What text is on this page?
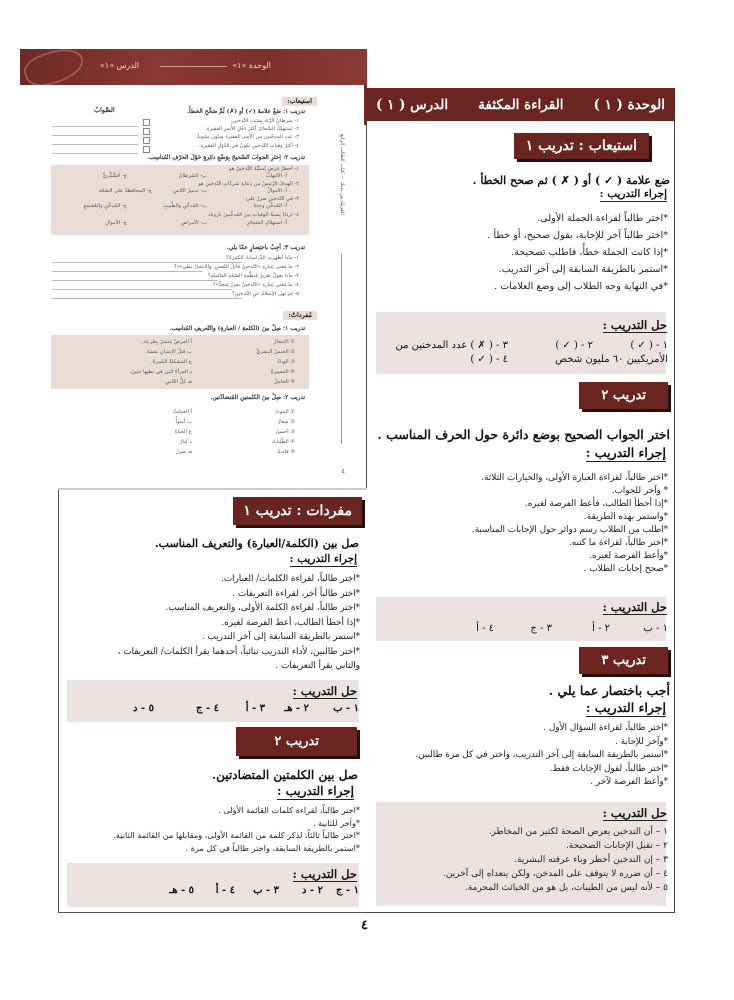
الوحدة «١»
الدرس «١»
استيعاب:
الصَّوابُ	تدريب ١: ضَعْ علامةَ (✓) أو (✗) ثُمَّ صَحِّحِ الخطأَ.
١- سرطانُ الرِّئة بِسَبَبِ التَّدخين.
٢- تَستهلِكُ السَّجائرُ أكثرَ دَخْلِ الأُسرِ الفقيرة.
٣- عدد المدخّنين من الأُسر الفقيرة سِتّون مليوناً.
٤- أكثرُ وفياتِ التّدخينِ تكونُ في الدّوَلِ الفقيرة.
تدريب ٢: اِختَرِ الجوابَ الصّحيحَ بِوَضْعِ دائِرةٍ حَوْلَ الحرْفِ المُناسِب.
١- أخطرُ مَرضٍ يُسبِّبُهُ التَّدخينُ هو
أ- الالتهابُ
ب- السّرطانُ
ج- السُّكَّريُّ
٢- الهدفُ الرّئيسُ من دِعايةِ شركاتِ التّدخينِ هو
أ- الأموالُ
ب- تدميرُ النّاسِ
ج- المحافظةُ على الصّحّة
٣- في التّدخينِ ضررٌ على
أ- المُدخِّنِ وحدَهُ
ب- المُدخِّنِ والطّبيبِ
ج- المُدخِّنِ والمُجتمعِ
٤- تَزدادُ نِسبةُ الوفياتِ بينَ المُدخِّنينَ بازدِياد
أ- استهلاكِ السّجائرِ
ب- الأمراضِ
ج- الأموالِ
تدريب ٣: أجِبْ باختِصارٍ عمّا يلي.
١- ماذا أظهرتِ الدِّراساتُ الكثيرةُ؟
٢- ما مَعنى عِبارةِ «التّدخينُ قاتلٌ للنّفسِ، والانتحارُ بطيء»؟
٣- ماذا يقولُ تقريرُ مُنظَّمةِ الصّحّةِ العالميّةِ؟
٤- ما مَعنى عِبارةِ «التّدخينُ ضررٌ مُتعدٍّ»؟
٥- لِمَ نَهى الإسلامُ عنِ التّدخينِ؟
مُفرداتٌ:
تدريب ١: صِلْ بينَ (الكلمةِ / العبارةِ) والتّعريفِ المُناسِب.
① الانتحارُ
② الجنسُ البشريُّ
③ الوباءُ
④ المَسيرةُ
⑤ الحاملُ
أ المرضُ يَنتشرُ بِسُرعة.
ب قتلُ الإنسانِ نفسَهُ.
ج المشكلةُ الكبيرةُ.
د المرأةُ التي في بطنِها جنينٌ.
هـ كلُّ النّاسِ.
تدريب ٢: صِلْ بينَ الكلمتينِ المُتضادّتين.
① الموتُ
② صِغارٌ
③ أحسنُ
④ الطّيّباتُ
⑤ فائدةٌ
أ الخبائثُ
ب أسوأُ
ج الحياةُ
د كِبارٌ
هـ ضررٌ
العربيّة بين يديك — كتاب الطالب الرابع
٤
الوحدة ( ١ )
القراءة المكثفة
الدرس ( ١ )
استيعاب : تدريب ١
ضع علامة ( ✓ ) أو ( ✗ ) ثم صحح الخطأ .
إجراء التدريب :
*اختر طالباً لقراءة الجملة الأولى.
*اختر طالباً آخر للإجابة، بقول صحيح، أو خطأ .
*إذا كانت الجملة خطأً، فاطلب تصحيحة.
*استمر بالطريقة السابقة إلى آخر التدريب.
*في النهاية وجه الطلاب إلى وضع العلامات .
حل التدريب :
١ - ( ✓ )
٢ - ( ✓ )
٣ - ( ✗ ) عدد المدخنين من
الأمريكيين ٦٠ مليون شخص
٤ - ( ✓ )
تدريب ٢
اختر الجواب الصحيح بوضع دائرة حول الحرف المناسب .
إجراء التدريب :
*اختر طالباً، لقراءة العبارة الأولى، والخيارات الثلاثة.
* وآخر للجواب.
*إذا أخطأ الطالب، فأعط الفرصة لغيره.
*واستمر بهذه الطريقة.
*اطلب من الطلاب رسم دوائر حول الإجابات المناسبة.
*اختر طالباً، لقراءة ما كتبه.
*وأعط الفرصة لغيره.
*صحح إجابات الطلاب .
حل التدريب :
١ - ب
٢ - أ
٣ - ج
٤ - أ
تدريب ٣
أجب باختصار عما يلي .
إجراء التدريب :
*اختر طالباً، لقراءة السؤال الأول .
*وآخر للإجابة .
*استمر بالطريقة السابقة إلى آخر التدريب، واختر في كل مرة طالبين.
*اختر طالباً، لقول الإجابات فقط.
*وأعط الفرصة لآخر .
حل التدريب :
١ – أن التدخين يعرض الصحة لكثير من المخاطر.
٢ – تقبل الإجابات الصحيحة.
٣ – إن التدخين أخطر وباء عرفته البشرية.
٤ – أن ضرره لا يتوقف على المدخن، ولكن يتعداه إلى آخرين.
٥ – لأنه ليس من الطيبات، بل هو من الخبائث المحرمة.
مفردات : تدريب ١
صل بين (الكلمة/العبارة) والتعريف المناسب.
إجراء التدريب :
*اختر طالباً، لقراءة الكلمات/ العبارات.
*اختر طالباً آخر، لقراءة التعريفات .
*اختر طالباً، لقراءة الكلمة الأولى، والتعريف المناسب.
*إذا أخطأ الطالب، أعط الفرصة لغيره.
*استمر بالطريقة السابقة إلى آخر التدريب .
*اختر طالبين، لأداء التدريب ثنائياً، أحدهما يقرأ الكلمات/ التعريفات ،
والثاني يقرأ التعريفات .
حل التدريب :
١ - ب
٢ - هـ
٣ - أ
٤ - ج
٥ - د
تدريب ٢
صل بين الكلمتين المتضادتين.
إجراء التدريب :
*اختر طالباً، لقراءة كلمات القائمة الأولى .
*وآخر للثانية .
*اختر طالباً ثالثاً، لذكر كلمة من القائمة الأولى، ومقابلها من القائمة الثانية.
*استمر بالطريقة السابقة، واختر طالباً في كل مرة .
حل التدريب :
١ - ج
٢ - د
٣ - ب
٤ - أ
٥ - هـ
٤
